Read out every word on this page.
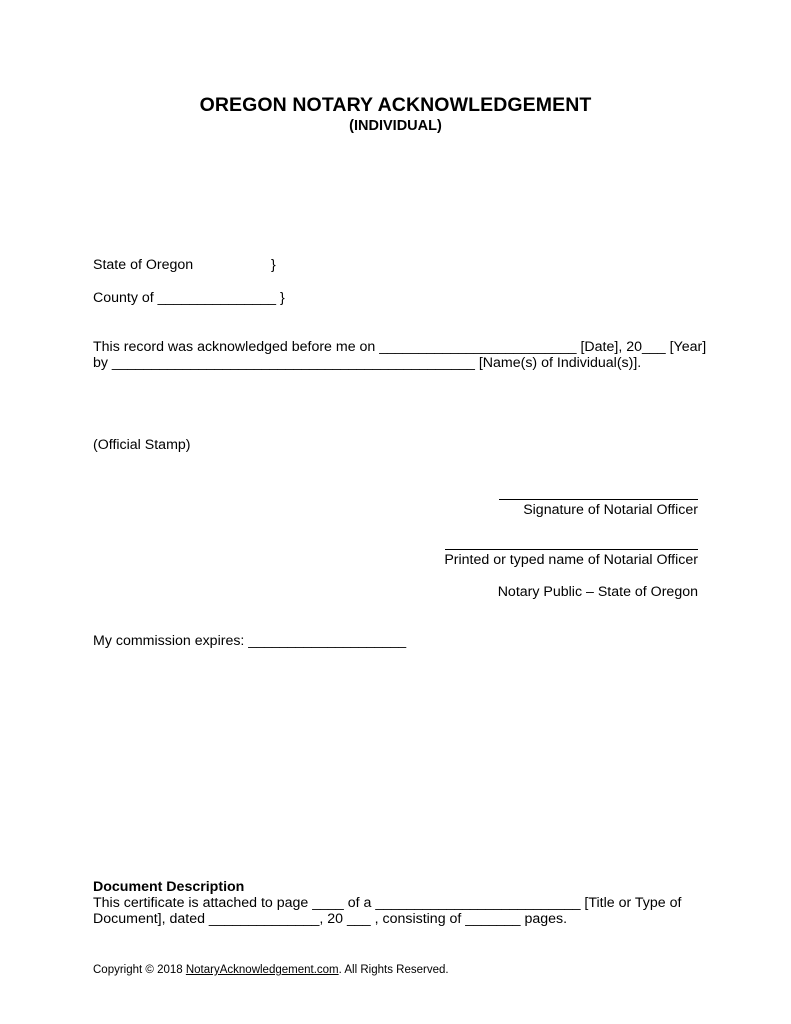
OREGON NOTARY ACKNOWLEDGEMENT
(INDIVIDUAL)
State of Oregon	}
County of _______________ }
This record was acknowledged before me on _________________________ [Date], 20___ [Year]
by ______________________________________________ [Name(s) of Individual(s)].
(Official Stamp)
Signature of Notarial Officer
Printed or typed name of Notarial Officer
Notary Public – State of Oregon
My commission expires: ____________________
Document Description
This certificate is attached to page ____ of a __________________________ [Title or Type of
Document], dated ______________, 20 ___ , consisting of _______ pages.
Copyright © 2018 NotaryAcknowledgement.com. All Rights Reserved.
